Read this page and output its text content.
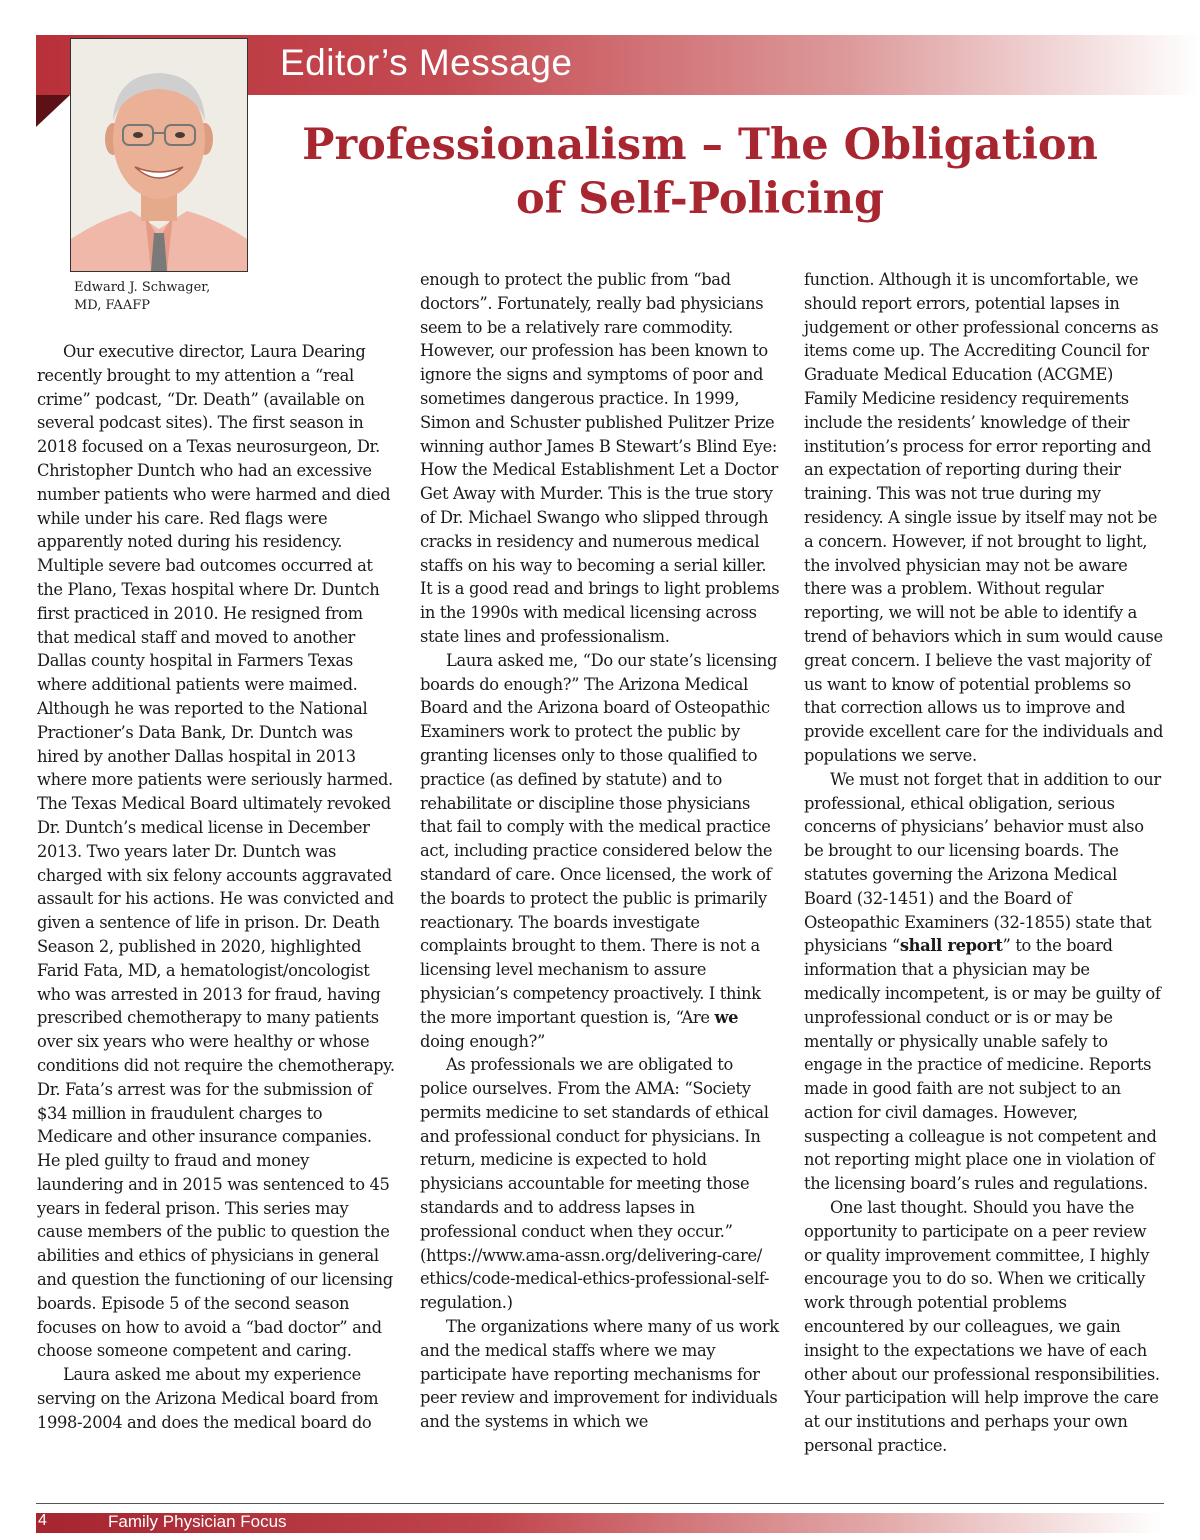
Editor’s Message
Edward J. Schwager,
MD, FAAFP
Professionalism – The Obligation
of Self-Policing

Our executive director, Laura Dearing recently brought to my attention a “real crime” podcast, “Dr. Death” (available on several podcast sites). The first season in 2018 focused on a Texas neurosurgeon, Dr. Christopher Duntch who had an excessive number patients who were harmed and died while under his care. Red flags were apparently noted during his residency. Multiple severe bad outcomes occurred at the Plano, Texas hospital where Dr. Duntch first practiced in 2010. He resigned from that medical staff and moved to another Dallas county hospital in Farmers Texas where additional patients were maimed. Although he was reported to the National Practioner’s Data Bank, Dr. Duntch was hired by another Dallas hospital in 2013 where more patients were seriously harmed. The Texas Medical Board ultimately revoked Dr. Duntch’s medical license in December 2013. Two years later Dr. Duntch was charged with six felony accounts aggravated assault for his actions. He was convicted and given a sentence of life in prison. Dr. Death Season 2, published in 2020, highlighted Farid Fata, MD, a hematologist/oncologist who was arrested in 2013 for fraud, having prescribed chemotherapy to many patients over six years who were healthy or whose conditions did not require the chemotherapy. Dr. Fata’s arrest was for the submission of $34 million in fraudulent charges to Medicare and other insurance companies. He pled guilty to fraud and money laundering and in 2015 was sentenced to 45 years in federal prison. This series may cause members of the public to question the abilities and ethics of physicians in general and question the functioning of our licensing boards. Episode 5 of the second season focuses on how to avoid a “bad doctor” and choose someone competent and caring.

Laura asked me about my experience serving on the Arizona Medical board from 1998-2004 and does the medical board do

enough to protect the public from “bad doctors”. Fortunately, really bad physicians seem to be a relatively rare commodity. However, our profession has been known to ignore the signs and symptoms of poor and sometimes dangerous practice. In 1999, Simon and Schuster published Pulitzer Prize winning author James B Stewart’s Blind Eye: How the Medical Establishment Let a Doctor Get Away with Murder. This is the true story of Dr. Michael Swango who slipped through cracks in residency and numerous medical staffs on his way to becoming a serial killer. It is a good read and brings to light problems in the 1990s with medical licensing across state lines and professionalism.

Laura asked me, “Do our state’s licensing boards do enough?” The Arizona Medical Board and the Arizona board of Osteopathic Examiners work to protect the public by granting licenses only to those qualified to practice (as defined by statute) and to rehabilitate or discipline those physicians that fail to comply with the medical practice act, including practice considered below the standard of care. Once licensed, the work of the boards to protect the public is primarily reactionary. The boards investigate complaints brought to them. There is not a licensing level mechanism to assure physician’s competency proactively. I think the more important question is, “Are we doing enough?”

As professionals we are obligated to police ourselves. From the AMA: “Society permits medicine to set standards of ethical and professional conduct for physicians. In return, medicine is expected to hold physicians accountable for meeting those standards and to address lapses in professional conduct when they occur.” (https://www.ama-assn.org/delivering-care/ ethics/code-medical-ethics-professional-self-regulation.)

The organizations where many of us work and the medical staffs where we may participate have reporting mechanisms for peer review and improvement for individuals and the systems in which we

function. Although it is uncomfortable, we should report errors, potential lapses in judgement or other professional concerns as items come up. The Accrediting Council for Graduate Medical Education (ACGME) Family Medicine residency requirements include the residents’ knowledge of their institution’s process for error reporting and an expectation of reporting during their training. This was not true during my residency. A single issue by itself may not be a concern. However, if not brought to light, the involved physician may not be aware there was a problem. Without regular reporting, we will not be able to identify a trend of behaviors which in sum would cause great concern. I believe the vast majority of us want to know of potential problems so that correction allows us to improve and provide excellent care for the individuals and populations we serve.

We must not forget that in addition to our professional, ethical obligation, serious concerns of physicians’ behavior must also be brought to our licensing boards. The statutes governing the Arizona Medical Board (32-1451) and the Board of Osteopathic Examiners (32-1855) state that physicians “shall report” to the board information that a physician may be medically incompetent, is or may be guilty of unprofessional conduct or is or may be mentally or physically unable safely to engage in the practice of medicine. Reports made in good faith are not subject to an action for civil damages. However, suspecting a colleague is not competent and not reporting might place one in violation of the licensing board’s rules and regulations.

One last thought. Should you have the opportunity to participate on a peer review or quality improvement committee, I highly encourage you to do so. When we critically work through potential problems encountered by our colleagues, we gain insight to the expectations we have of each other about our professional responsibilities. Your participation will help improve the care at our institutions and perhaps your own personal practice.

4	Family Physician Focus
